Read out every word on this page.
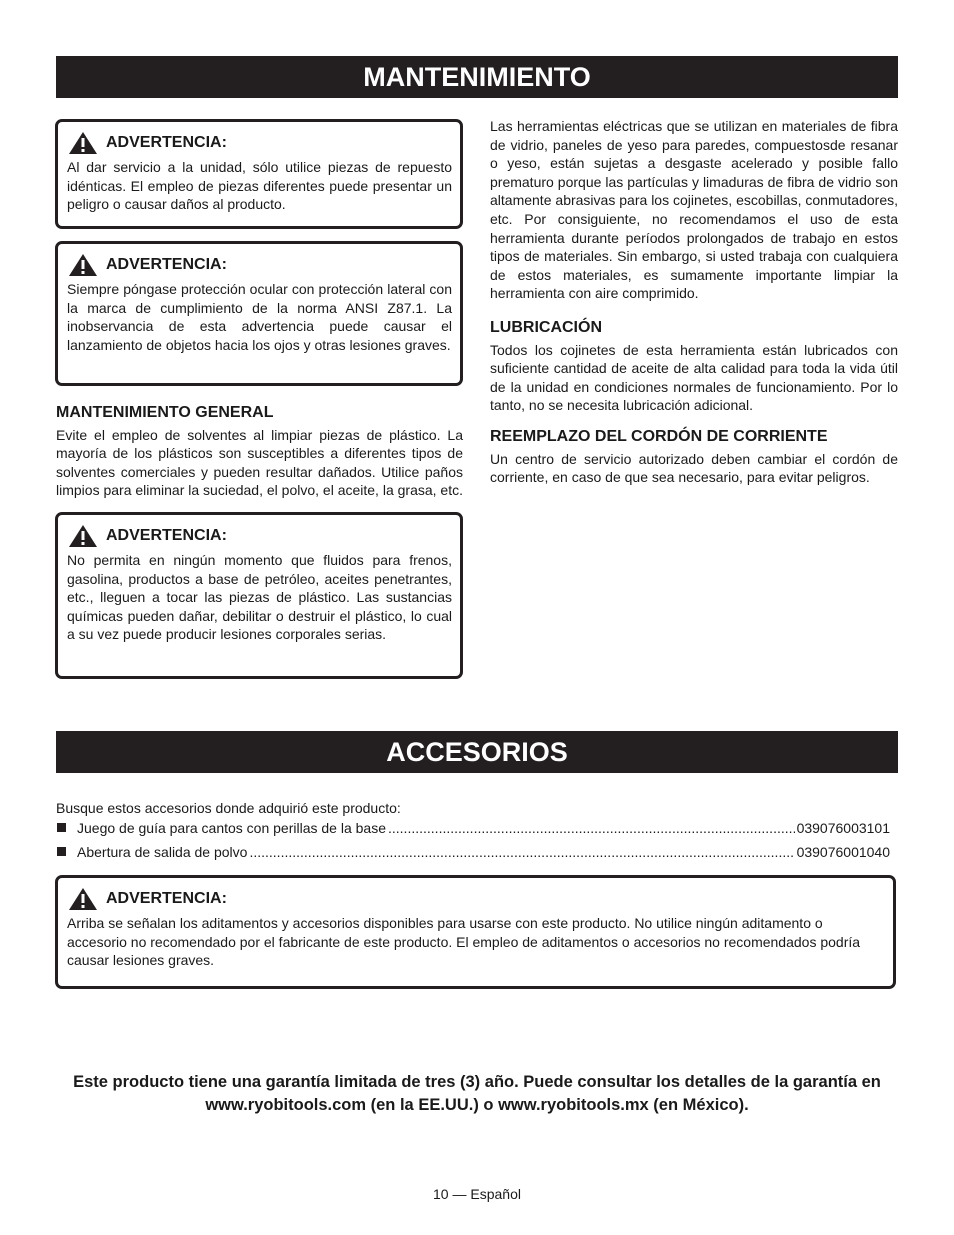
MANTENIMIENTO
ADVERTENCIA:

Al dar servicio a la unidad, sólo utilice piezas de repuesto idénticas. El empleo de piezas diferentes puede presentar un peligro o causar daños al producto.

ADVERTENCIA:

Siempre póngase protección ocular con protección lateral con la marca de cumplimiento de la norma ANSI Z87.1. La inobservancia de esta advertencia puede causar el lanzamiento de objetos hacia los ojos y otras lesiones graves.

MANTENIMIENTO GENERAL

Evite el empleo de solventes al limpiar piezas de plástico. La mayoría de los plásticos son susceptibles a diferentes tipos de solventes comerciales y pueden resultar dañados. Utilice paños limpios para eliminar la suciedad, el polvo, el aceite, la grasa, etc.

ADVERTENCIA:

No permita en ningún momento que fluidos para frenos, gasolina, productos a base de petróleo, aceites penetrantes, etc., lleguen a tocar las piezas de plástico. Las sustancias químicas pueden dañar, debilitar o destruir el plástico, lo cual a su vez puede producir lesiones corporales serias.

Las herramientas eléctricas que se utilizan en materiales de fibra de vidrio, paneles de yeso para paredes, compuestosde resanar o yeso, están sujetas a desgaste acelerado y posible fallo prematuro porque las partículas y limaduras de fibra de vidrio son altamente abrasivas para los cojinetes, escobillas, conmutadores, etc. Por consiguiente, no recomendamos el uso de esta herramienta durante períodos prolongados de trabajo en estos tipos de materiales. Sin embargo, si usted trabaja con cualquiera de estos materiales, es sumamente importante limpiar la herramienta con aire comprimido.

LUBRICACIÓN

Todos los cojinetes de esta herramienta están lubricados con suficiente cantidad de aceite de alta calidad para toda la vida útil de la unidad en condiciones normales de funcionamiento. Por lo tanto, no se necesita lubricación adicional.

REEMPLAZO DEL CORDÓN DE CORRIENTE

Un centro de servicio autorizado deben cambiar el cordón de corriente, en caso de que sea necesario, para evitar peligros.

ACCESORIOS
Busque estos accesorios donde adquirió este producto:
Juego de guía para cantos con perillas de la base .....	039076003101
Abertura de salida de polvo .....	039076001040
ADVERTENCIA:

Arriba se señalan los aditamentos y accesorios disponibles para usarse con este producto. No utilice ningún aditamento o accesorio no recomendado por el fabricante de este producto. El empleo de aditamentos o accesorios no recomendados podría causar lesiones graves.

Este producto tiene una garantía limitada de tres (3) año. Puede consultar los detalles de la garantía en www.ryobitools.com (en la EE.UU.) o www.ryobitools.mx (en México).
10 — Español
